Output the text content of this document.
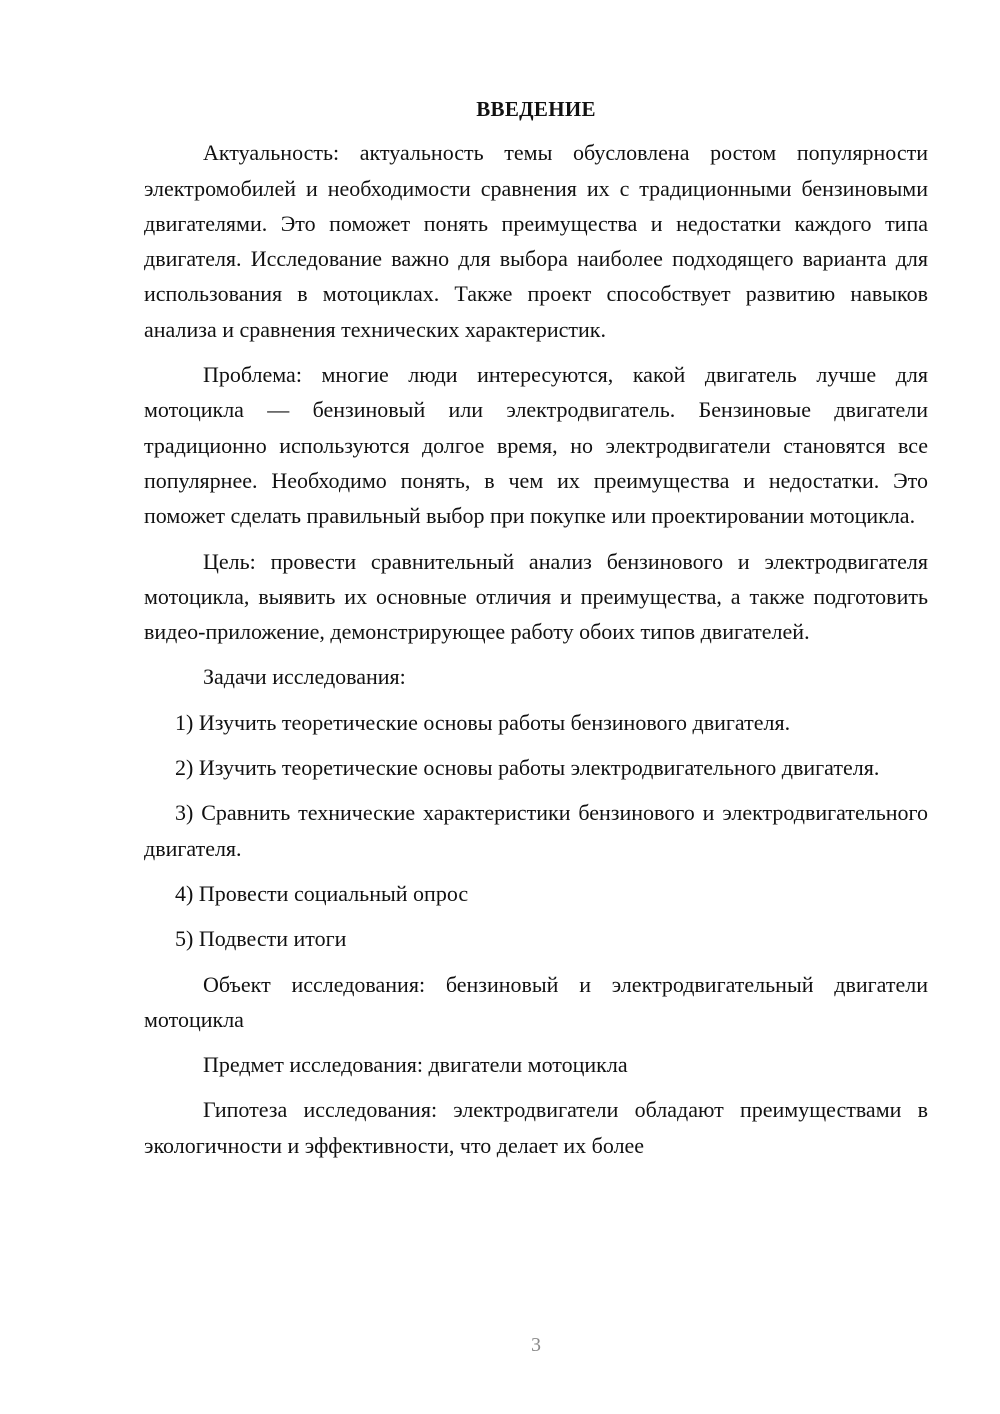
ВВЕДЕНИЕ

Актуальность: актуальность темы обусловлена ростом популярности электромобилей и необходимости сравнения их с традиционными бензиновыми двигателями. Это поможет понять преимущества и недостатки каждого типа двигателя. Исследование важно для выбора наиболее подходящего варианта для использования в мотоциклах. Также проект способствует развитию навыков анализа и сравнения технических характеристик.

Проблема: многие люди интересуются, какой двигатель лучше для мотоцикла — бензиновый или электродвигатель. Бензиновые двигатели традиционно используются долгое время, но электродвигатели становятся все популярнее. Необходимо понять, в чем их преимущества и недостатки. Это поможет сделать правильный выбор при покупке или проектировании мотоцикла.

Цель: провести сравнительный анализ бензинового и электродвигателя мотоцикла, выявить их основные отличия и преимущества, а также подготовить видео-приложение, демонстрирующее работу обоих типов двигателей.

Задачи исследования:

1) Изучить теоретические основы работы бензинового двигателя.

2) Изучить теоретические основы работы электродвигательного двигателя.

3) Сравнить технические характеристики бензинового и электродвигательного двигателя.

4) Провести социальный опрос

5) Подвести итоги

Объект исследования: бензиновый и электродвигательный двигатели мотоцикла

Предмет исследования: двигатели мотоцикла

Гипотеза исследования: электродвигатели обладают преимуществами в экологичности и эффективности, что делает их более

3
